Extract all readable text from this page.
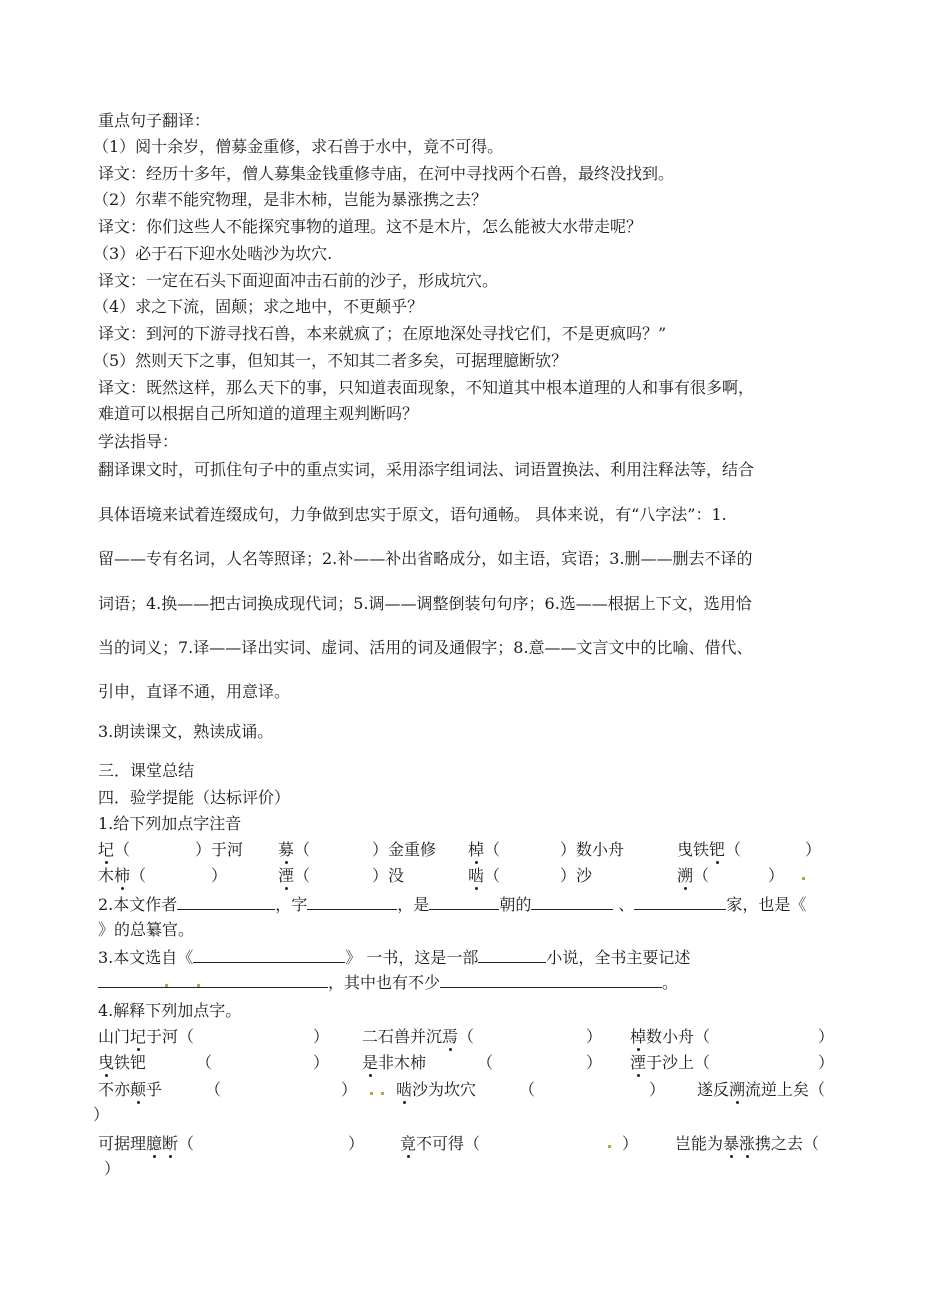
重点句子翻译：
（1）阅十余岁，僧募金重修，求石兽于水中，竟不可得。
译文：经历十多年，僧人募集金钱重修寺庙，在河中寻找两个石兽，最终没找到。
（2）尔辈不能究物理，是非木柿，岂能为暴涨携之去？
译文：你们这些人不能探究事物的道理。这不是木片，怎么能被大水带走呢？
（3）必于石下迎水处啮沙为坎穴.
译文：一定在石头下面迎面冲击石前的沙子，形成坑穴。
（4）求之下流，固颠；求之地中，不更颠乎？
译文：到河的下游寻找石兽，本来就疯了；在原地深处寻找它们，不是更疯吗？”
（5）然则天下之事，但知其一，不知其二者多矣，可据理臆断欤？
译文：既然这样，那么天下的事，只知道表面现象，不知道其中根本道理的人和事有很多啊，
难道可以根据自己所知道的道理主观判断吗？
学法指导：
翻译课文时，可抓住句子中的重点实词，采用添字组词法、词语置换法、利用注释法等，结合
具体语境来试着连缀成句，力争做到忠实于原文，语句通畅。 具体来说，有“八字法”：1.
留——专有名词，人名等照译；2.补——补出省略成分，如主语，宾语；3.删——删去不译的
词语；4.换——把古词换成现代词；5.调——调整倒装句句序；6.选——根据上下文，选用恰
当的词义；7.译——译出实词、虚词、活用的词及通假字；8.意——文言文中的比喻、借代、
引申，直译不通，用意译。
3.朗读课文，熟读成诵。
三．课堂总结
四．验学提能（达标评价）
1.给下列加点字注音
圮（	）于河 募（	）金重修 棹（	）数小舟	曳铁钯（	）
木柿（	）	湮（	）没	啮（	）沙	溯（	）
2.本文作者	，字	，是	朝的	、	家，也是《
》的总纂官。
3.本文选自《	》 一书，这是一部	小说，全书主要记述
，其中也有不少	。
4.解释下列加点字。
山门圮于河（	） 二石兽并沉焉（	） 棹数小舟（	）
曳铁钯	（	） 是非木柿	（	） 湮于沙上（	）
不亦颠乎	（	） 啮沙为坎穴	（	） 遂反溯流逆上矣（
）
可据理臆断（	） 竟不可得（	） 岂能为暴涨携之去（
）
